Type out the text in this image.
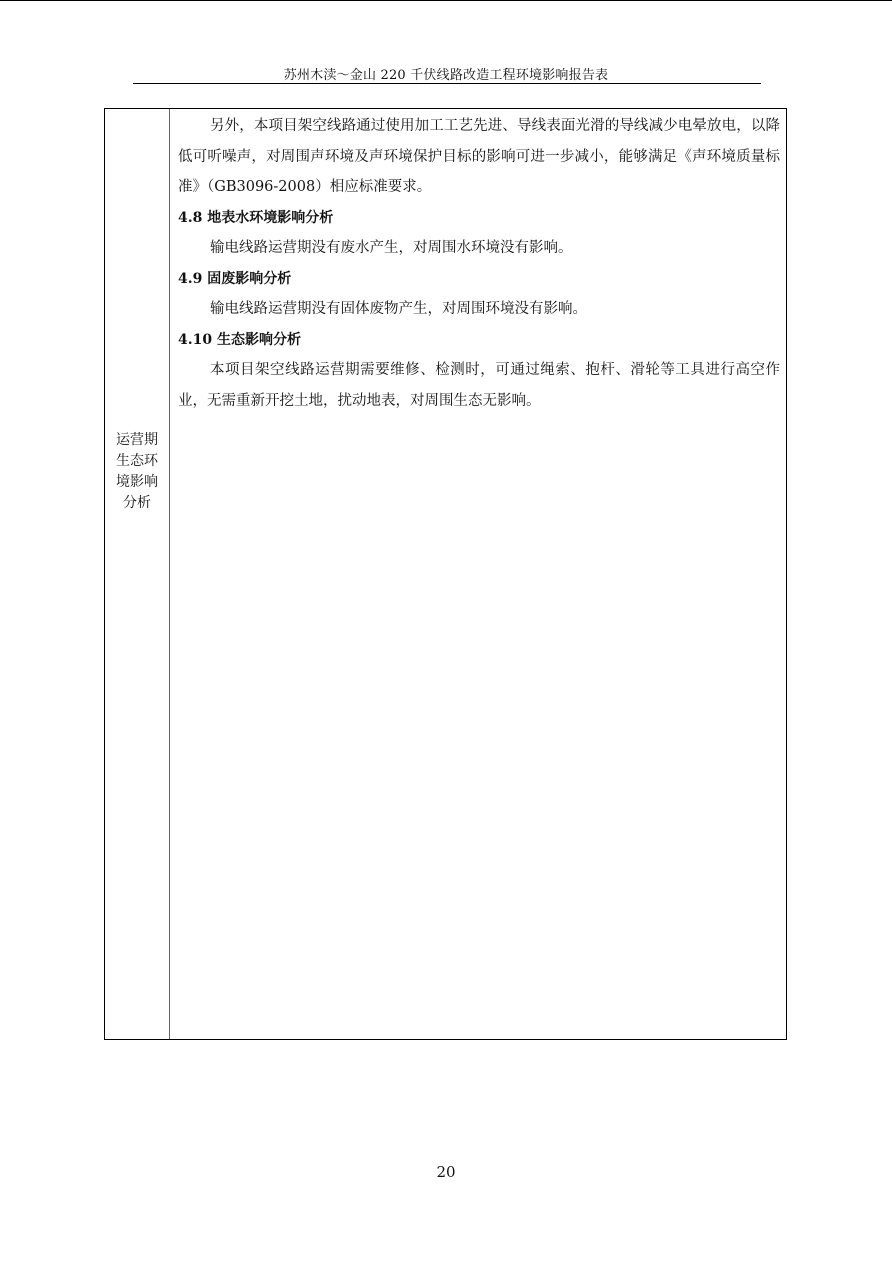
苏州木渎～金山 220 千伏线路改造工程环境影响报告表
运营期
生态环
境影响
分析

另外，本项目架空线路通过使用加工工艺先进、导线表面光滑的导线减少电晕放电，以降低可听噪声，对周围声环境及声环境保护目标的影响可进一步减小，能够满足《声环境质量标准》（GB3096-2008）相应标准要求。

4.8 地表水环境影响分析

输电线路运营期没有废水产生，对周围水环境没有影响。

4.9 固废影响分析

输电线路运营期没有固体废物产生，对周围环境没有影响。

4.10 生态影响分析

本项目架空线路运营期需要维修、检测时，可通过绳索、抱杆、滑轮等工具进行高空作业，无需重新开挖土地，扰动地表，对周围生态无影响。

20
